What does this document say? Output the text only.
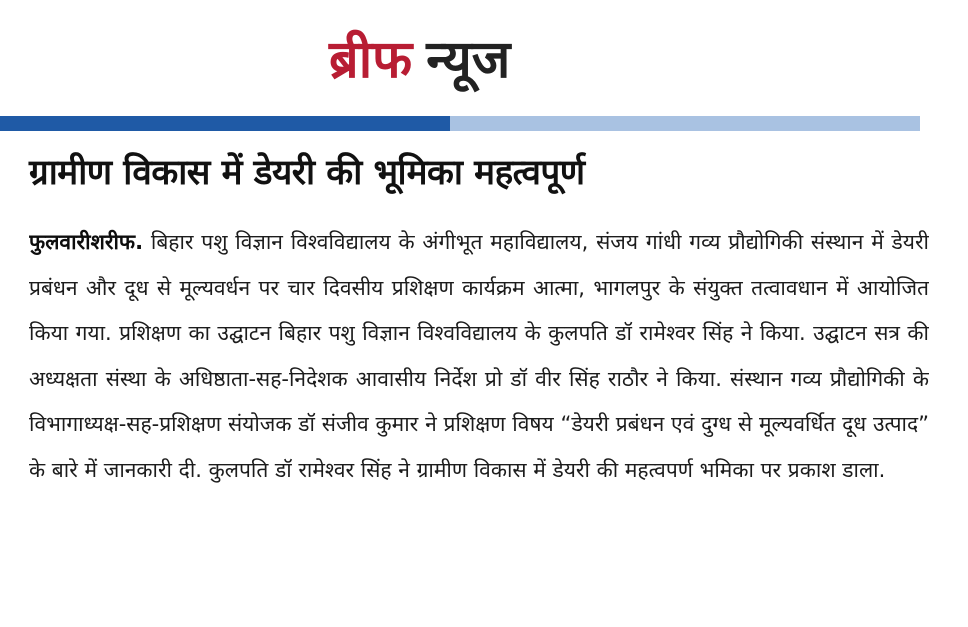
ब्रीफ न्यूज
ग्रामीण विकास में डेयरी की भूमिका महत्वपूर्ण

फुलवारीशरीफ. बिहार पशु विज्ञान विश्वविद्यालय के अंगीभूत महाविद्यालय, संजय गांधी गव्य प्रौद्योगिकी संस्थान में डेयरी प्रबंधन और दूध से मूल्यवर्धन पर चार दिवसीय प्रशिक्षण कार्यक्रम आत्मा, भागलपुर के संयुक्त तत्वावधान में आयोजित किया गया. प्रशिक्षण का उद्घाटन बिहार पशु विज्ञान विश्वविद्यालय के कुलपति डॉ रामेश्वर सिंह ने किया. उद्घाटन सत्र की अध्यक्षता संस्था के अधिष्ठाता-सह-निदेशक आवासीय निर्देश प्रो डॉ वीर सिंह राठौर ने किया. संस्थान गव्य प्रौद्योगिकी के विभागाध्यक्ष-सह-प्रशिक्षण संयोजक डॉ संजीव कुमार ने प्रशिक्षण विषय “डेयरी प्रबंधन एवं दुग्ध से मूल्यवर्धित दूध उत्पाद” के बारे में जानकारी दी. कुलपति डॉ रामेश्वर सिंह ने ग्रामीण विकास में डेयरी की महत्वपर्ण भमिका पर प्रकाश डाला.
